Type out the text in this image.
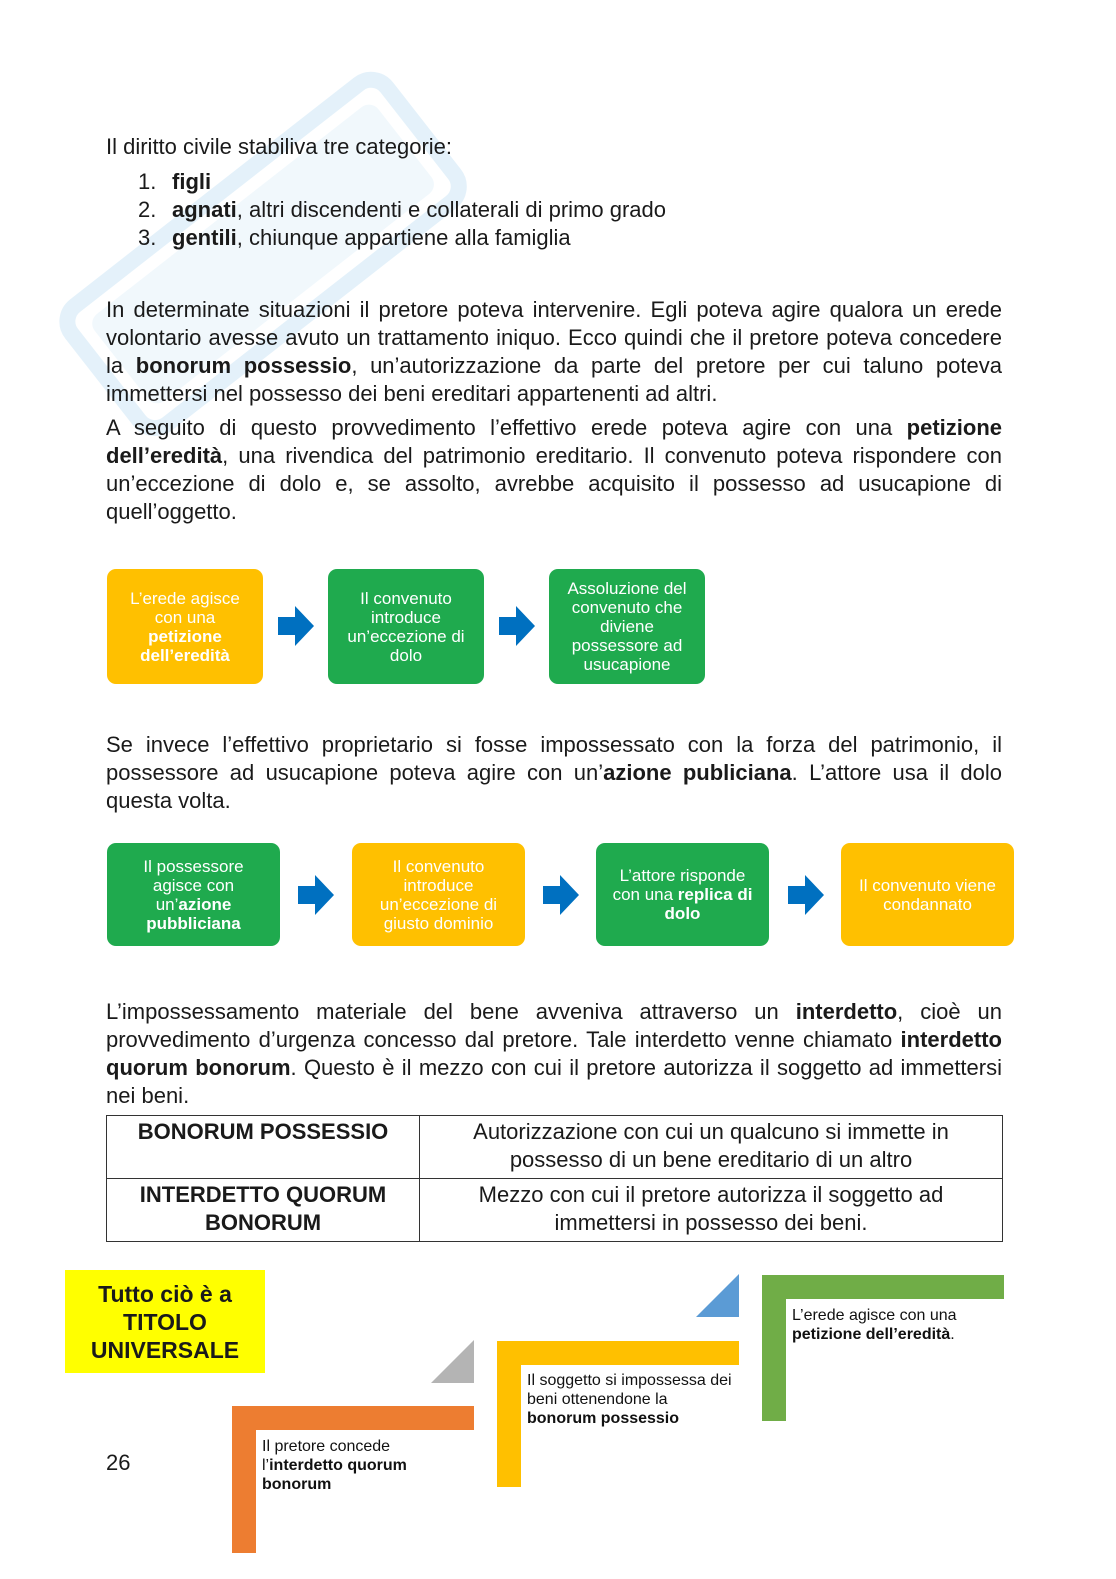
Il diritto civile stabiliva tre categorie:

1. figli
2. agnati, altri discendenti e collaterali di primo grado
3. gentili, chiunque appartiene alla famiglia

In determinate situazioni il pretore poteva intervenire. Egli poteva agire qualora un erede volontario avesse avuto un trattamento iniquo. Ecco quindi che il pretore poteva concedere la bonorum possessio, un’autorizzazione da parte del pretore per cui taluno poteva immettersi nel possesso dei beni ereditari appartenenti ad altri.

A seguito di questo provvedimento l’effettivo erede poteva agire con una petizione dell’eredità, una rivendica del patrimonio ereditario. Il convenuto poteva rispondere con un’eccezione di dolo e, se assolto, avrebbe acquisito il possesso ad usucapione di quell’oggetto.

L’erede agisce con una petizione dell’eredità
Il convenuto introduce un’eccezione di dolo
Assoluzione del convenuto che diviene possessore ad usucapione

Se invece l’effettivo proprietario si fosse impossessato con la forza del patrimonio, il possessore ad usucapione poteva agire con un’azione publiciana. L’attore usa il dolo questa volta.

Il possessore agisce con un’azione pubbliciana
Il convenuto introduce un’eccezione di giusto dominio
L’attore risponde con una replica di dolo
Il convenuto viene condannato

L’impossessamento materiale del bene avveniva attraverso un interdetto, cioè un provvedimento d’urgenza concesso dal pretore. Tale interdetto venne chiamato interdetto quorum bonorum. Questo è il mezzo con cui il pretore autorizza il soggetto ad immettersi nei beni.

BONORUM POSSESSIO	Autorizzazione con cui un qualcuno si immette in possesso di un bene ereditario di un altro
INTERDETTO QUORUM BONORUM	Mezzo con cui il pretore autorizza il soggetto ad immettersi in possesso dei beni.
Tutto ciò è a TITOLO UNIVERSALE
Il pretore concede l’interdetto quorum bonorum
Il soggetto si impossessa dei beni ottenendone la bonorum possessio
L’erede agisce con una petizione dell’eredità.
26
